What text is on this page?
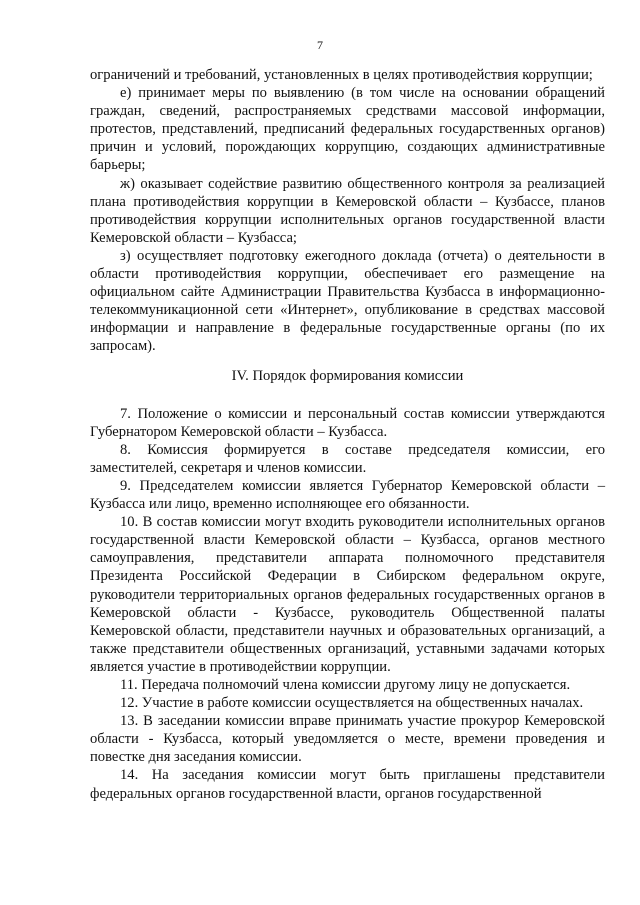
7

ограничений и требований, установленных в целях противодействия коррупции;

е) принимает меры по выявлению (в том числе на основании обращений граждан, сведений, распространяемых средствами массовой информации, протестов, представлений, предписаний федеральных государственных органов) причин и условий, порождающих коррупцию, создающих административные барьеры;

ж) оказывает содействие развитию общественного контроля за реализацией плана противодействия коррупции в Кемеровской области – Кузбассе, планов противодействия коррупции исполнительных органов государственной власти Кемеровской области – Кузбасса;

з) осуществляет подготовку ежегодного доклада (отчета) о деятельности в области противодействия коррупции, обеспечивает его размещение на официальном сайте Администрации Правительства Кузбасса в информационно-телекоммуникационной сети «Интернет», опубликование в средствах массовой информации и направление в федеральные государственные органы (по их запросам).

IV. Порядок формирования комиссии

7. Положение о комиссии и персональный состав комиссии утверждаются Губернатором Кемеровской области – Кузбасса.

8. Комиссия формируется в составе председателя комиссии, его заместителей, секретаря и членов комиссии.

9. Председателем комиссии является Губернатор Кемеровской области – Кузбасса или лицо, временно исполняющее его обязанности.

10. В состав комиссии могут входить руководители исполнительных органов государственной власти Кемеровской области – Кузбасса, органов местного самоуправления, представители аппарата полномочного представителя Президента Российской Федерации в Сибирском федеральном округе, руководители территориальных органов федеральных государственных органов в Кемеровской области - Кузбассе, руководитель Общественной палаты Кемеровской области, представители научных и образовательных организаций, а также представители общественных организаций, уставными задачами которых является участие в противодействии коррупции.

11. Передача полномочий члена комиссии другому лицу не допускается.

12. Участие в работе комиссии осуществляется на общественных началах.

13. В заседании комиссии вправе принимать участие прокурор Кемеровской области - Кузбасса, который уведомляется о месте, времени проведения и повестке дня заседания комиссии.

14. На заседания комиссии могут быть приглашены представители федеральных органов государственной власти, органов государственной
